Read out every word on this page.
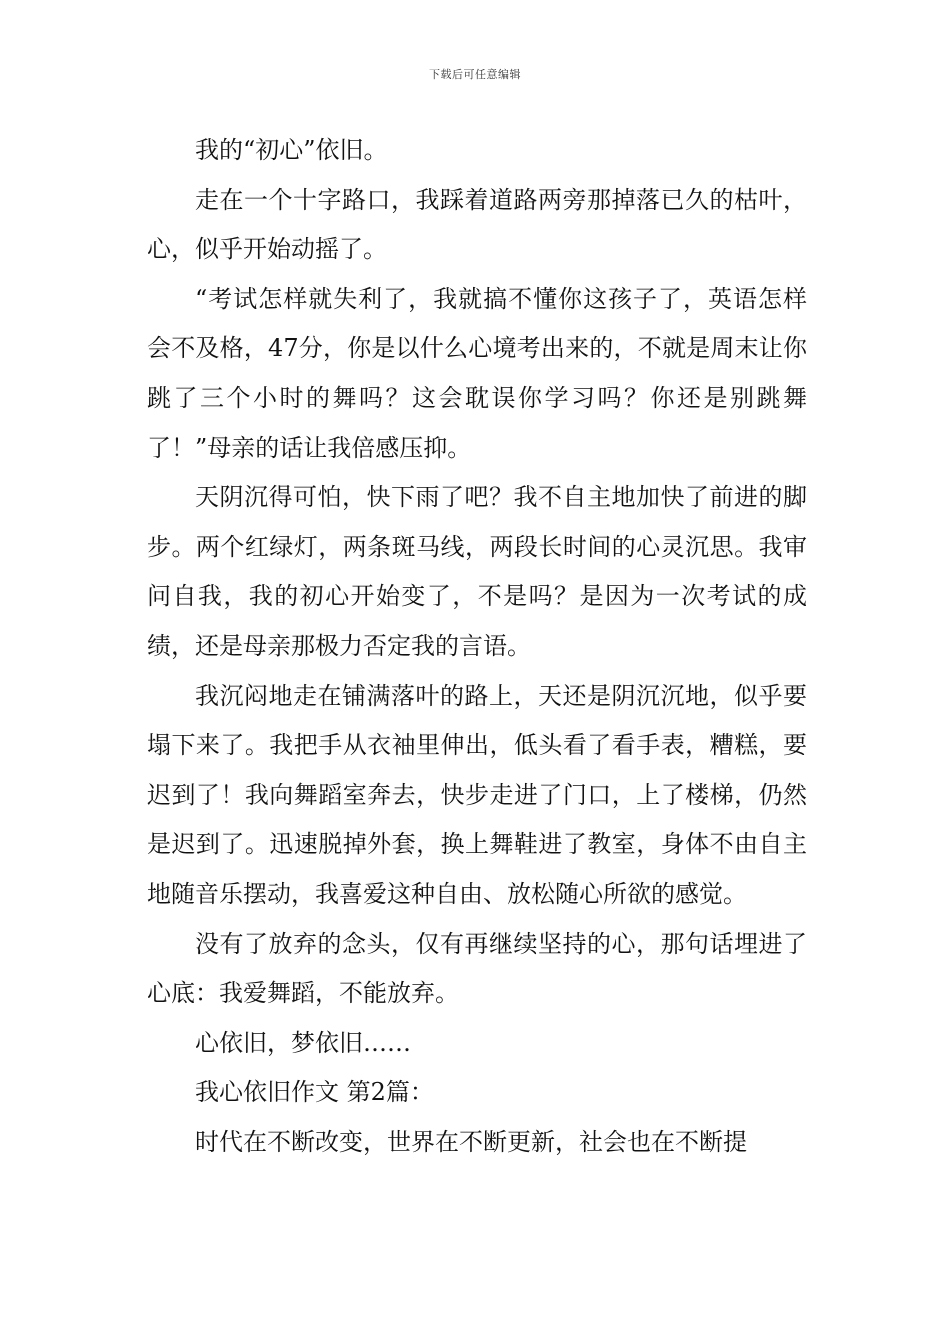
下载后可任意编辑

我的“初心”依旧。

走在一个十字路口，我踩着道路两旁那掉落已久的枯叶，心，似乎开始动摇了。

“考试怎样就失利了，我就搞不懂你这孩子了，英语怎样会不及格，47分，你是以什么心境考出来的，不就是周末让你跳了三个小时的舞吗？这会耽误你学习吗？你还是别跳舞了！”母亲的话让我倍感压抑。

天阴沉得可怕，快下雨了吧？我不自主地加快了前进的脚步。两个红绿灯，两条斑马线，两段长时间的心灵沉思。我审问自我，我的初心开始变了，不是吗？是因为一次考试的成绩，还是母亲那极力否定我的言语。

我沉闷地走在铺满落叶的路上，天还是阴沉沉地，似乎要塌下来了。我把手从衣袖里伸出，低头看了看手表，糟糕，要迟到了！我向舞蹈室奔去，快步走进了门口，上了楼梯，仍然是迟到了。迅速脱掉外套，换上舞鞋进了教室，身体不由自主地随音乐摆动，我喜爱这种自由、放松随心所欲的感觉。

没有了放弃的念头，仅有再继续坚持的心，那句话埋进了心底：我爱舞蹈，不能放弃。

心依旧，梦依旧……

我心依旧作文 第2篇：

时代在不断改变，世界在不断更新，社会也在不断提
